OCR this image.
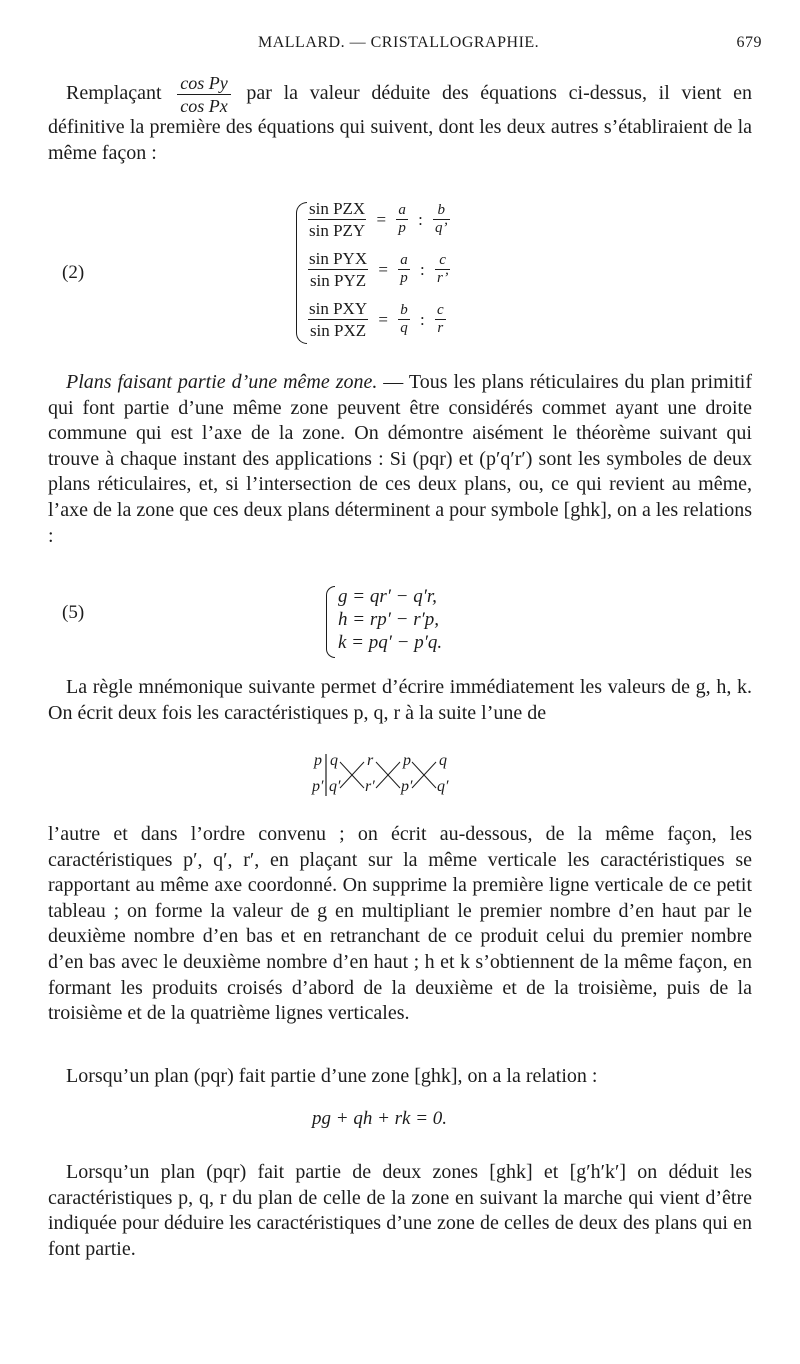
MALLARD. — CRISTALLOGRAPHIE.	679
Remplaçant $\frac{\text{cos Py}}{\text{cos Px}}$ par la valeur déduite des équations ci-dessus, il vient en définitive la première des équations qui suivent, dont les deux autres s’établiraient de la même façon :
(2)
sin PZX
sin PZY
= $\frac{a}{p}$ : $\frac{b}{q’}$
sin PYX
sin PYZ
= $\frac{a}{p}$ : $\frac{c}{r’}$
sin PXY
sin PXZ
= $\frac{b}{q}$ : $\frac{c}{r}$
Plans faisant partie d’une même zone. — Tous les plans réticulaires du plan primitif qui font partie d’une même zone peuvent être considérés commet ayant une droite commune qui est l’axe de la zone. On démontre aisément le théorème suivant qui trouve à chaque instant des applications : Si (pqr) et (p′q′r′) sont les symboles de deux plans réticulaires, et, si l’intersection de ces deux plans, ou, ce qui revient au même, l’axe de la zone que ces deux plans déterminent a pour symbole [ghk], on a les relations :
(5)
g = qr′ − q′r,
h = rp′ − r′p,
k = pq′ − p′q.
La règle mnémonique suivante permet d’écrire immédiatement les valeurs de g, h, k. On écrit deux fois les caractéristiques p, q, r à la suite l’une de
p q r p q
p′ q′ r′ p′ q′
l’autre et dans l’ordre convenu ; on écrit au-dessous, de la même façon, les caractéristiques p′, q′, r′, en plaçant sur la même verticale les caractéristiques se rapportant au même axe coordonné. On supprime la première ligne verticale de ce petit tableau ; on forme la valeur de g en multipliant le premier nombre d’en haut par le deuxième nombre d’en bas et en retranchant de ce produit celui du premier nombre d’en bas avec le deuxième nombre d’en haut ; h et k s’obtiennent de la même façon, en formant les produits croisés d’abord de la deuxième et de la troisième, puis de la troisième et de la quatrième lignes verticales.
Lorsqu’un plan (pqr) fait partie d’une zone [ghk], on a la relation :
pg + qh + rk = 0.
Lorsqu’un plan (pqr) fait partie de deux zones [ghk] et [g′h′k′] on déduit les caractéristiques p, q, r du plan de celle de la zone en suivant la marche qui vient d’être indiquée pour déduire les caractéristiques d’une zone de celles de deux des plans qui en font partie.
